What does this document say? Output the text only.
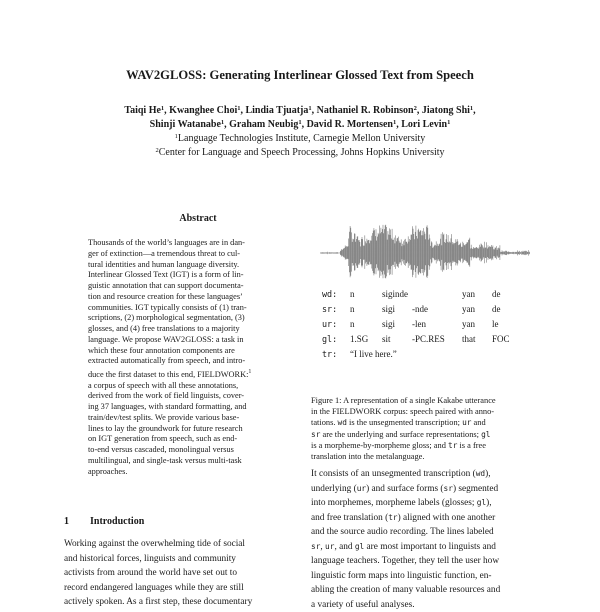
WAV2GLOSS: Generating Interlinear Glossed Text from Speech
Taiqi He$^1$, Kwanghee Choi$^1$, Lindia Tjuatja$^1$, Nathaniel R. Robinson$^2$, Jiatong Shi$^1$,
Shinji Watanabe$^1$, Graham Neubig$^1$, David R. Mortensen$^1$, Lori Levin$^1$
$^1$Language Technologies Institute, Carnegie Mellon University
$^2$Center for Language and Speech Processing, Johns Hopkins University
Abstract
Thousands of the world’s languages are in dan-
ger of extinction—a tremendous threat to cul-
tural identities and human language diversity.
Interlinear Glossed Text (IGT) is a form of lin-
guistic annotation that can support documenta-
tion and resource creation for these languages’
communities. IGT typically consists of (1) tran-
scriptions, (2) morphological segmentation, (3)
glosses, and (4) free translations to a majority
language. We propose WAV2GLOSS: a task in
which these four annotation components are
extracted automatically from speech, and intro-
duce the first dataset to this end, FIELDWORK:$^1$
a corpus of speech with all these annotations,
derived from the work of field linguists, cover-
ing 37 languages, with standard formatting, and
train/dev/test splits. We provide various base-
lines to lay the groundwork for future research
on IGT generation from speech, such as end-
to-end versus cascaded, monolingual versus
multilingual, and single-task versus multi-task
approaches.
1 Introduction
Working against the overwhelming tide of social
and historical forces, linguists and community
activists from around the world have set out to
record endangered languages while they are still
actively spoken. As a first step, these documentary
wd: n	siginde	yan de
sr: n	sigi -nde	yan de
ur: n	sigi -len	yan le
gl: 1.SG sit -PC.RES that FOC
tr: “I live here.”
Figure 1: A representation of a single Kakabe utterance
in the FIELDWORK corpus: speech paired with anno-
tations. wd is the unsegmented transcription; ur and
sr are the underlying and surface representations; gl
is a morpheme-by-morpheme gloss; and tr is a free
translation into the metalanguage.
It consists of an unsegmented transcription (wd),
underlying (ur) and surface forms (sr) segmented
into morphemes, morpheme labels (glosses; gl),
and free translation (tr) aligned with one another
and the source audio recording. The lines labeled
sr, ur, and gl are most important to linguists and
language teachers. Together, they tell the user how
linguistic form maps into linguistic function, en-
abling the creation of many valuable resources and
a variety of useful analyses.
